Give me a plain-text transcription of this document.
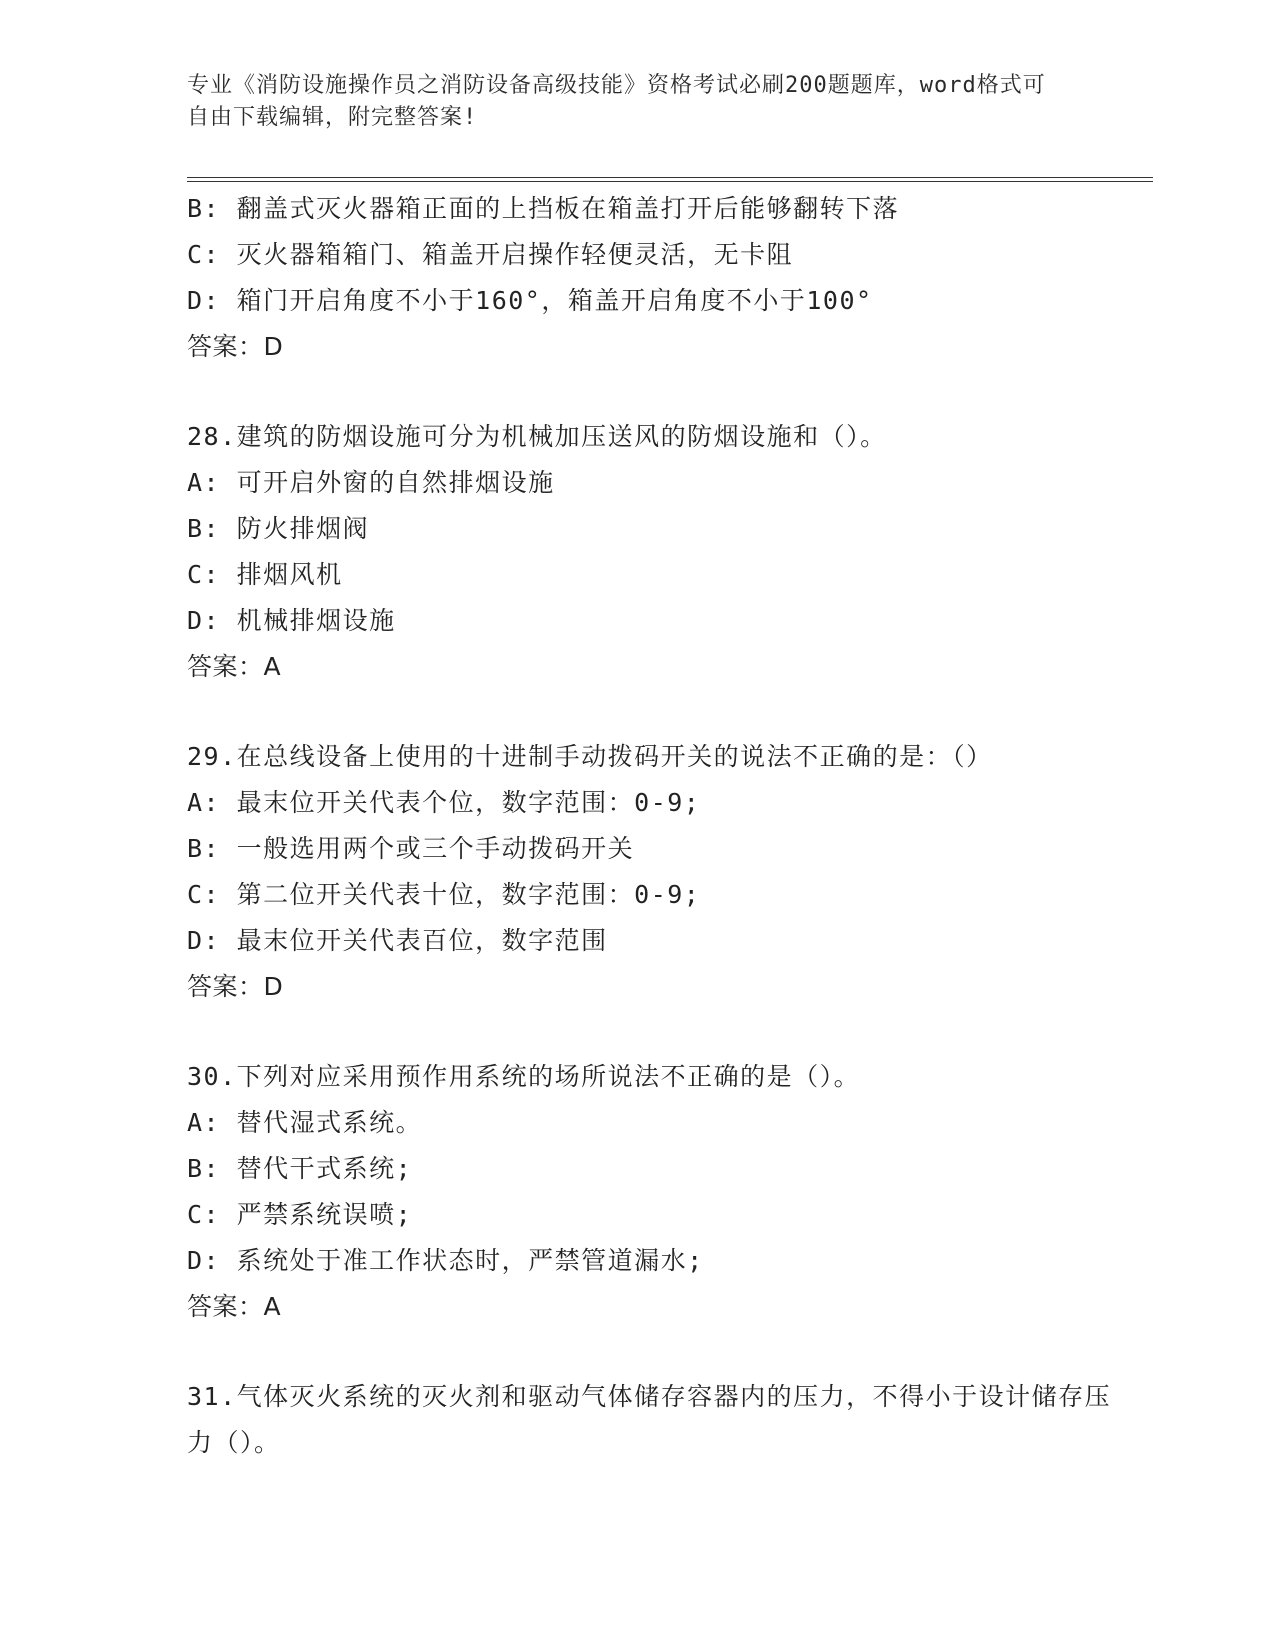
专业《消防设施操作员之消防设备高级技能》资格考试必刷200题题库，word格式可自由下载编辑，附完整答案!
B: 翻盖式灭火器箱正面的上挡板在箱盖打开后能够翻转下落
C: 灭火器箱箱门、箱盖开启操作轻便灵活，无卡阻
D: 箱门开启角度不小于160°，箱盖开启角度不小于100°
答案：D
28.建筑的防烟设施可分为机械加压送风的防烟设施和（）。
A: 可开启外窗的自然排烟设施
B: 防火排烟阀
C: 排烟风机
D: 机械排烟设施
答案：A
29.在总线设备上使用的十进制手动拨码开关的说法不正确的是：（）
A: 最末位开关代表个位，数字范围：0-9;
B: 一般选用两个或三个手动拨码开关
C: 第二位开关代表十位，数字范围：0-9;
D: 最末位开关代表百位，数字范围
答案：D
30.下列对应采用预作用系统的场所说法不正确的是（）。
A: 替代湿式系统。
B: 替代干式系统;
C: 严禁系统误喷;
D: 系统处于准工作状态时，严禁管道漏水;
答案：A
31.气体灭火系统的灭火剂和驱动气体储存容器内的压力，不得小于设计储存压力（）。
